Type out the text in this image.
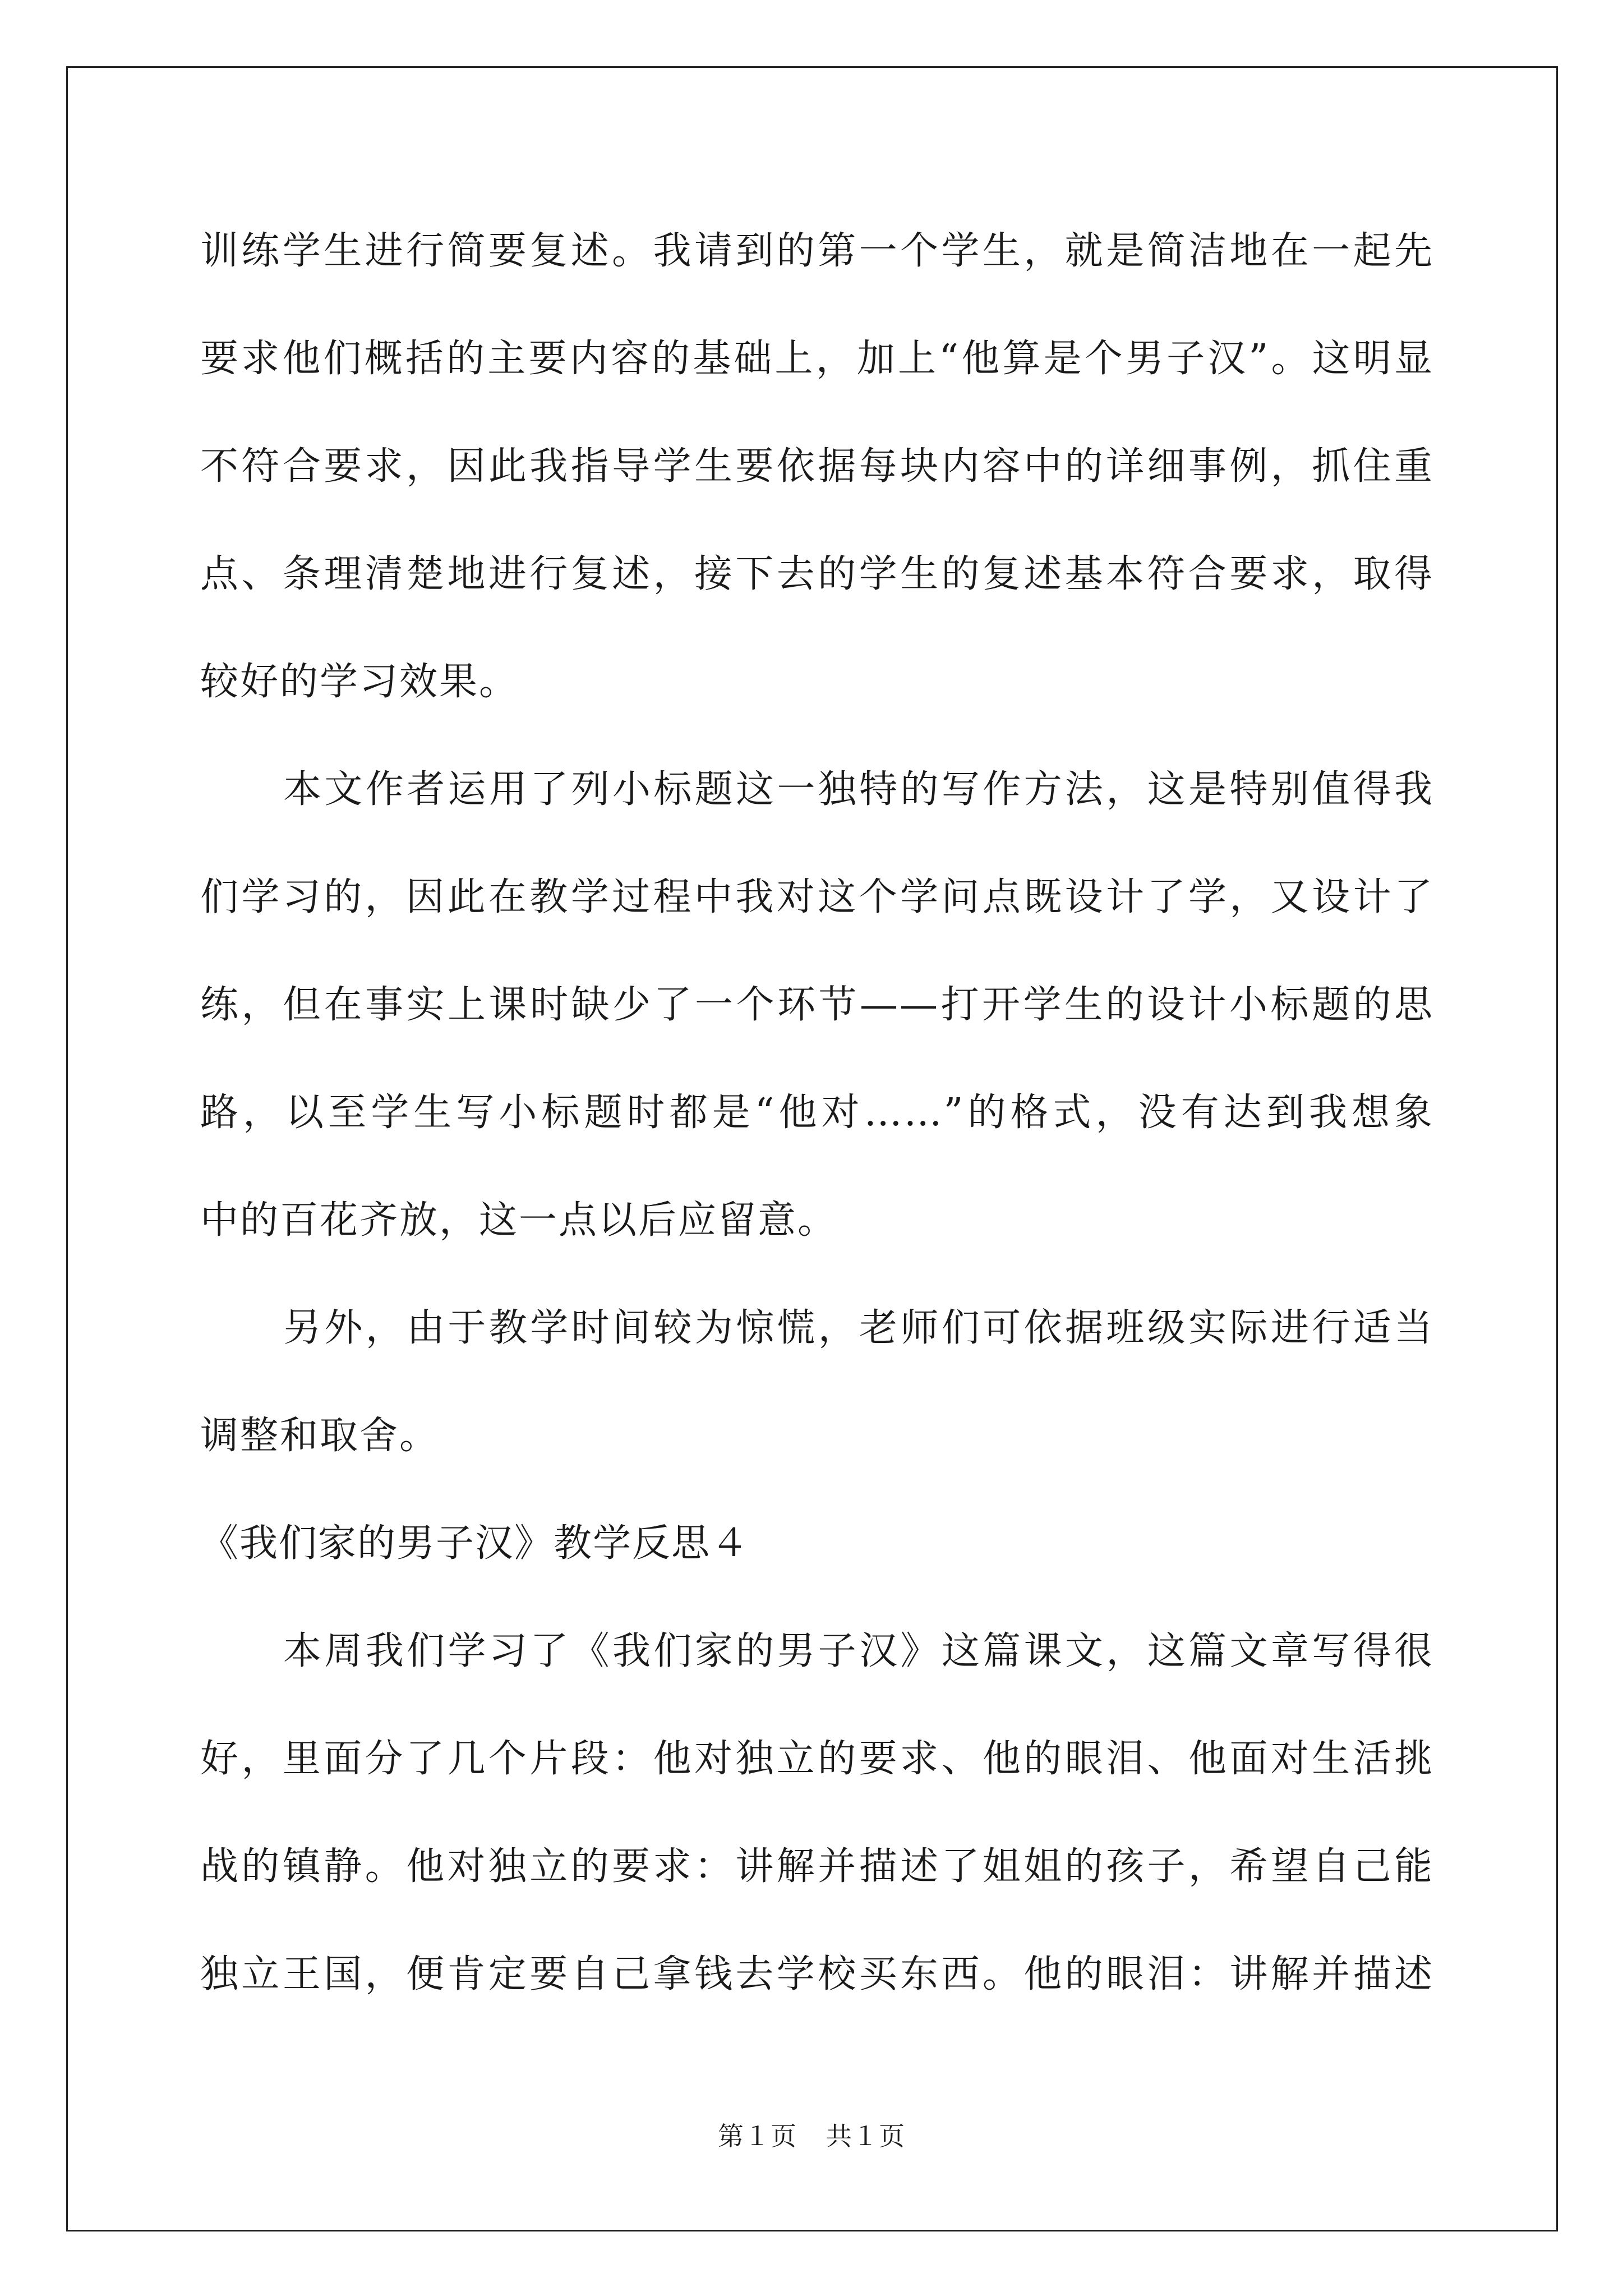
训练学生进行简要复述。我请到的第一个学生，就是简洁地在一起先
要求他们概括的主要内容的基础上，加上“他算是个男子汉”。这明显
不符合要求，因此我指导学生要依据每块内容中的详细事例，抓住重
点、条理清楚地进行复述，接下去的学生的复述基本符合要求，取得
较好的学习效果。
本文作者运用了列小标题这一独特的写作方法，这是特别值得我
们学习的，因此在教学过程中我对这个学问点既设计了学，又设计了
练，但在事实上课时缺少了一个环节——打开学生的设计小标题的思
路，以至学生写小标题时都是“他对……”的格式，没有达到我想象
中的百花齐放，这一点以后应留意。
另外，由于教学时间较为惊慌，老师们可依据班级实际进行适当
调整和取舍。
《我们家的男子汉》教学反思４
本周我们学习了《我们家的男子汉》这篇课文，这篇文章写得很
好，里面分了几个片段：他对独立的要求、他的眼泪、他面对生活挑
战的镇静。他对独立的要求：讲解并描述了姐姐的孩子，希望自己能
独立王国，便肯定要自己拿钱去学校买东西。他的眼泪：讲解并描述
第１页 共１页
